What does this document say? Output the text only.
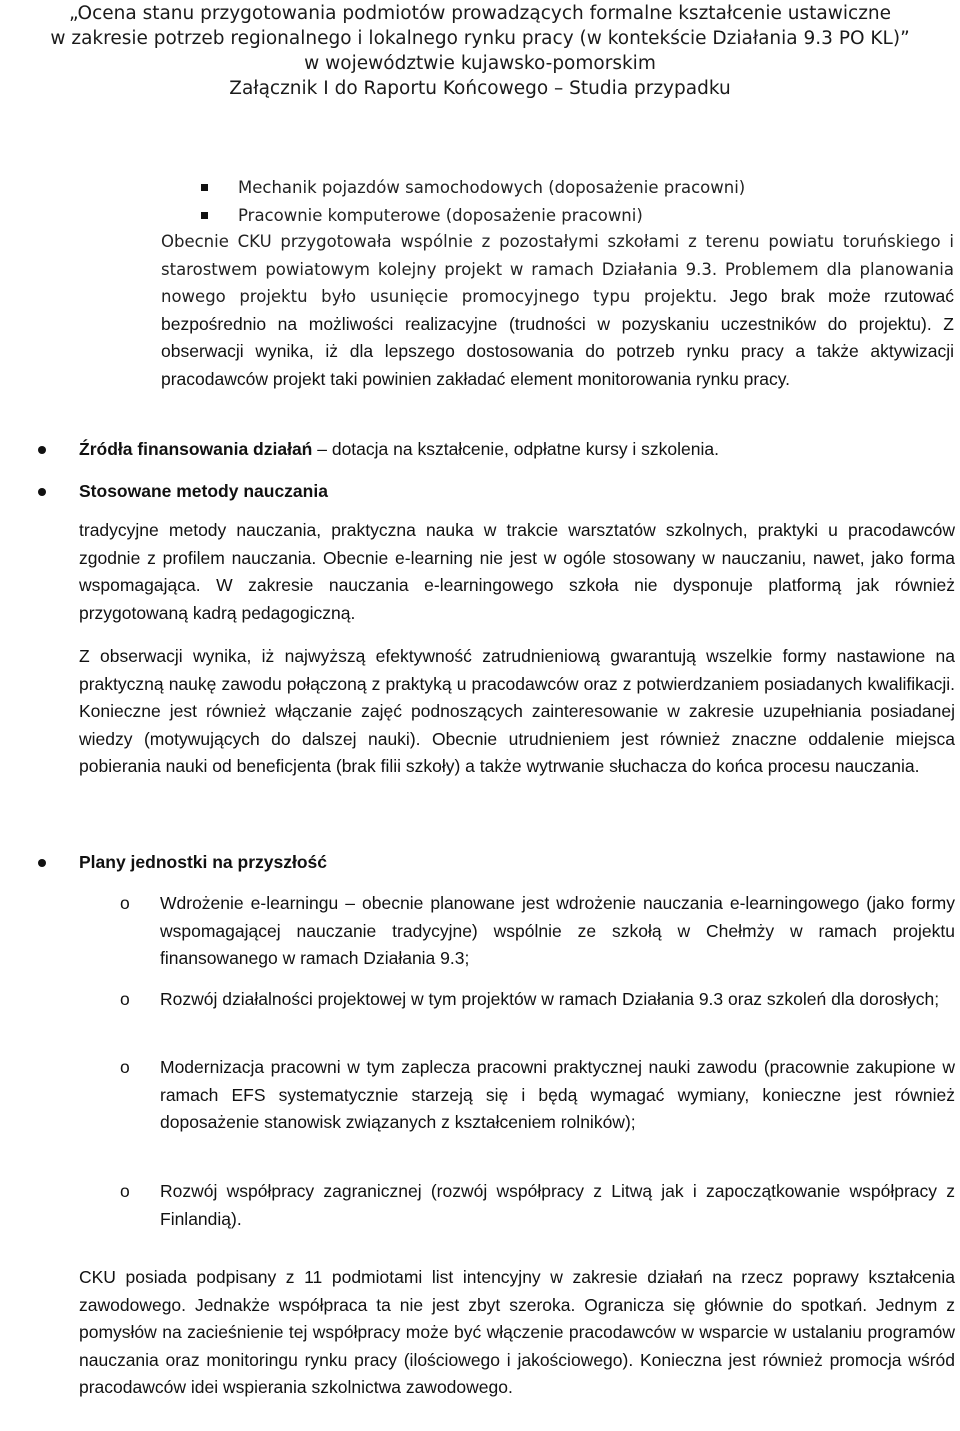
„Ocena stanu przygotowania podmiotów prowadzących formalne kształcenie ustawiczne
w zakresie potrzeb regionalnego i lokalnego rynku pracy (w kontekście Działania 9.3 PO KL)”
w województwie kujawsko-pomorskim
Załącznik I do Raportu Końcowego – Studia przypadku
Mechanik pojazdów samochodowych (doposażenie pracowni)
Pracownie komputerowe (doposażenie pracowni)
Obecnie CKU przygotowała wspólnie z pozostałymi szkołami z terenu powiatu toruńskiego i starostwem powiatowym kolejny projekt w ramach Działania 9.3. Problemem dla planowania nowego projektu było usunięcie promocyjnego typu projektu. Jego brak może rzutować bezpośrednio na możliwości realizacyjne (trudności w pozyskaniu uczestników do projektu). Z obserwacji wynika, iż dla lepszego dostosowania do potrzeb rynku pracy a także aktywizacji pracodawców projekt taki powinien zakładać element monitorowania rynku pracy.
Źródła finansowania działań – dotacja na kształcenie, odpłatne kursy i szkolenia.
Stosowane metody nauczania
tradycyjne metody nauczania, praktyczna nauka w trakcie warsztatów szkolnych, praktyki u pracodawców zgodnie z profilem nauczania. Obecnie e-learning nie jest w ogóle stosowany w nauczaniu, nawet, jako forma wspomagająca. W zakresie nauczania e-learningowego szkoła nie dysponuje platformą jak również przygotowaną kadrą pedagogiczną.
Z obserwacji wynika, iż najwyższą efektywność zatrudnieniową gwarantują wszelkie formy nastawione na praktyczną naukę zawodu połączoną z praktyką u pracodawców oraz z potwierdzaniem posiadanych kwalifikacji. Konieczne jest również włączanie zajęć podnoszących zainteresowanie w zakresie uzupełniania posiadanej wiedzy (motywujących do dalszej nauki). Obecnie utrudnieniem jest również znaczne oddalenie miejsca pobierania nauki od beneficjenta (brak filii szkoły) a także wytrwanie słuchacza do końca procesu nauczania.
Plany jednostki na przyszłość
o Wdrożenie e-learningu – obecnie planowane jest wdrożenie nauczania e-learningowego (jako formy wspomagającej nauczanie tradycyjne) wspólnie ze szkołą w Chełmży w ramach projektu finansowanego w ramach Działania 9.3;
o Rozwój działalności projektowej w tym projektów w ramach Działania 9.3 oraz szkoleń dla dorosłych;
o Modernizacja pracowni w tym zaplecza pracowni praktycznej nauki zawodu (pracownie zakupione w ramach EFS systematycznie starzeją się i będą wymagać wymiany, konieczne jest również doposażenie stanowisk związanych z kształceniem rolników);
o Rozwój współpracy zagranicznej (rozwój współpracy z Litwą jak i zapoczątkowanie współpracy z Finlandią).
CKU posiada podpisany z 11 podmiotami list intencyjny w zakresie działań na rzecz poprawy kształcenia zawodowego. Jednakże współpraca ta nie jest zbyt szeroka. Ogranicza się głównie do spotkań. Jednym z pomysłów na zacieśnienie tej współpracy może być włączenie pracodawców w wsparcie w ustalaniu programów nauczania oraz monitoringu rynku pracy (ilościowego i jakościowego). Konieczna jest również promocja wśród pracodawców idei wspierania szkolnictwa zawodowego.
